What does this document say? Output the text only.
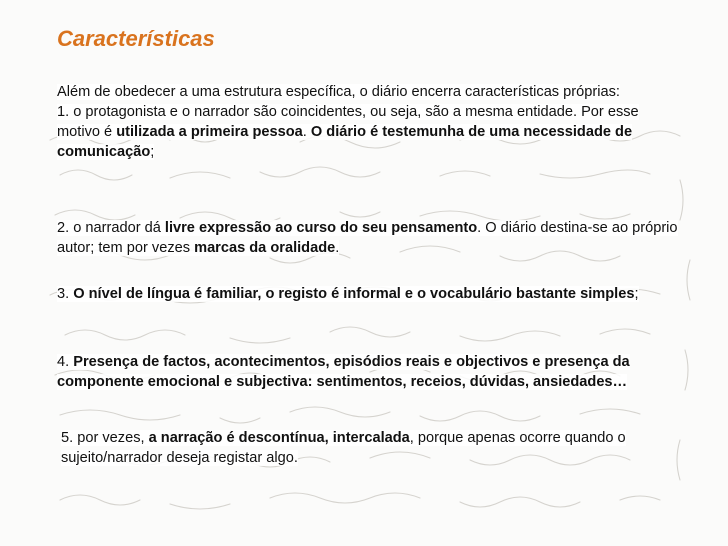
Características

Além de obedecer a uma estrutura específica, o diário encerra características próprias:
1. o protagonista e o narrador são coincidentes, ou seja, são a mesma entidade. Por esse motivo é utilizada a primeira pessoa. O diário é testemunha de uma necessidade de comunicação;

2. o narrador dá livre expressão ao curso do seu pensamento. O diário destina-se ao próprio autor; tem por vezes marcas da oralidade.

3. O nível de língua é familiar, o registo é informal e o vocabulário bastante simples;

4. Presença de factos, acontecimentos, episódios reais e objectivos e presença da componente emocional e subjectiva: sentimentos, receios, dúvidas, ansiedades…

5. por vezes, a narração é descontínua, intercalada, porque apenas ocorre quando o sujeito/narrador deseja registar algo.
